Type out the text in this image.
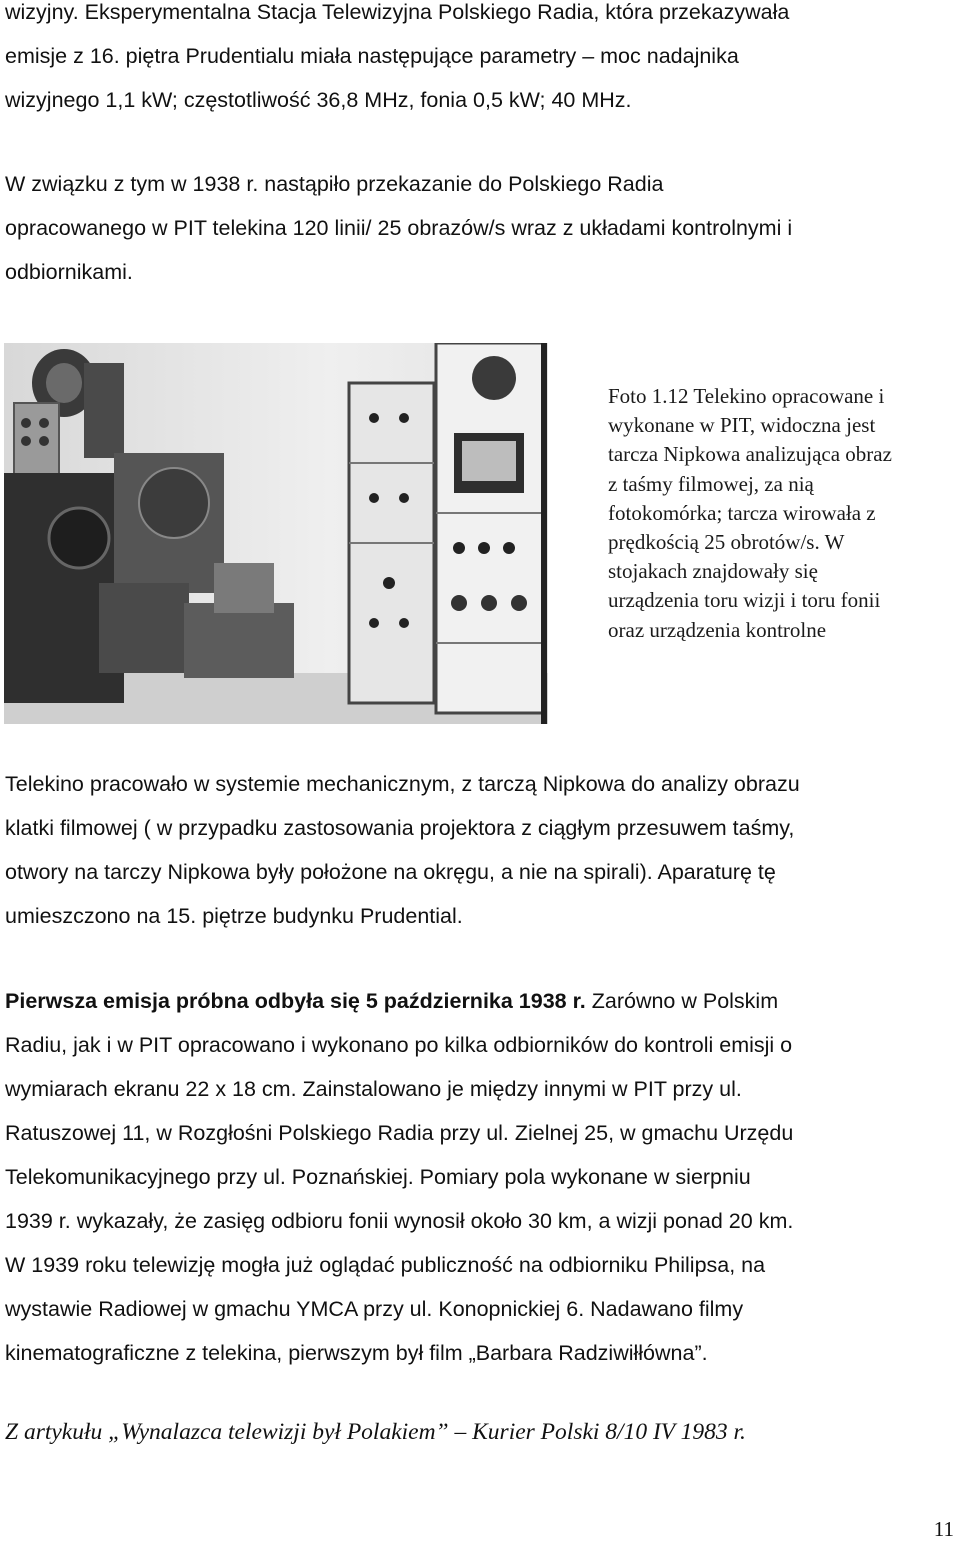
wizyjny. Eksperymentalna Stacja Telewizyjna Polskiego Radia, która przekazywała
emisje z 16. piętra Prudentialu miała następujące parametry – moc nadajnika
wizyjnego 1,1 kW; częstotliwość 36,8 MHz, fonia 0,5 kW; 40 MHz.
W związku z tym w 1938 r. nastąpiło przekazanie do Polskiego Radia
opracowanego w PIT telekina 120 linii/ 25 obrazów/s wraz z układami kontrolnymi i
odbiornikami.
Foto 1.12 Telekino opracowane i
wykonane w PIT, widoczna jest
tarcza Nipkowa analizująca obraz
z taśmy filmowej, za nią
fotokomórka; tarcza wirowała z
prędkością 25 obrotów/s. W
stojakach znajdowały się
urządzenia toru wizji i toru fonii
oraz urządzenia kontrolne
Telekino pracowało w systemie mechanicznym, z tarczą Nipkowa do analizy obrazu
klatki filmowej ( w przypadku zastosowania projektora z ciągłym przesuwem taśmy,
otwory na tarczy Nipkowa były położone na okręgu, a nie na spirali). Aparaturę tę
umieszczono na 15. piętrze budynku Prudential.
Pierwsza emisja próbna odbyła się 5 października 1938 r. Zarówno w Polskim
Radiu, jak i w PIT opracowano i wykonano po kilka odbiorników do kontroli emisji o
wymiarach ekranu 22 x 18 cm. Zainstalowano je między innymi w PIT przy ul.
Ratuszowej 11, w Rozgłośni Polskiego Radia przy ul. Zielnej 25, w gmachu Urzędu
Telekomunikacyjnego przy ul. Poznańskiej. Pomiary pola wykonane w sierpniu
1939 r. wykazały, że zasięg odbioru fonii wynosił około 30 km, a wizji ponad 20 km.
W 1939 roku telewizję mogła już oglądać publiczność na odbiorniku Philipsa, na
wystawie Radiowej w gmachu YMCA przy ul. Konopnickiej 6. Nadawano filmy
kinematograficzne z telekina, pierwszym był film „Barbara Radziwiłłówna”.

Z artykułu „Wynalazca telewizji był Polakiem” – Kurier Polski 8/10 IV 1983 r.

11
